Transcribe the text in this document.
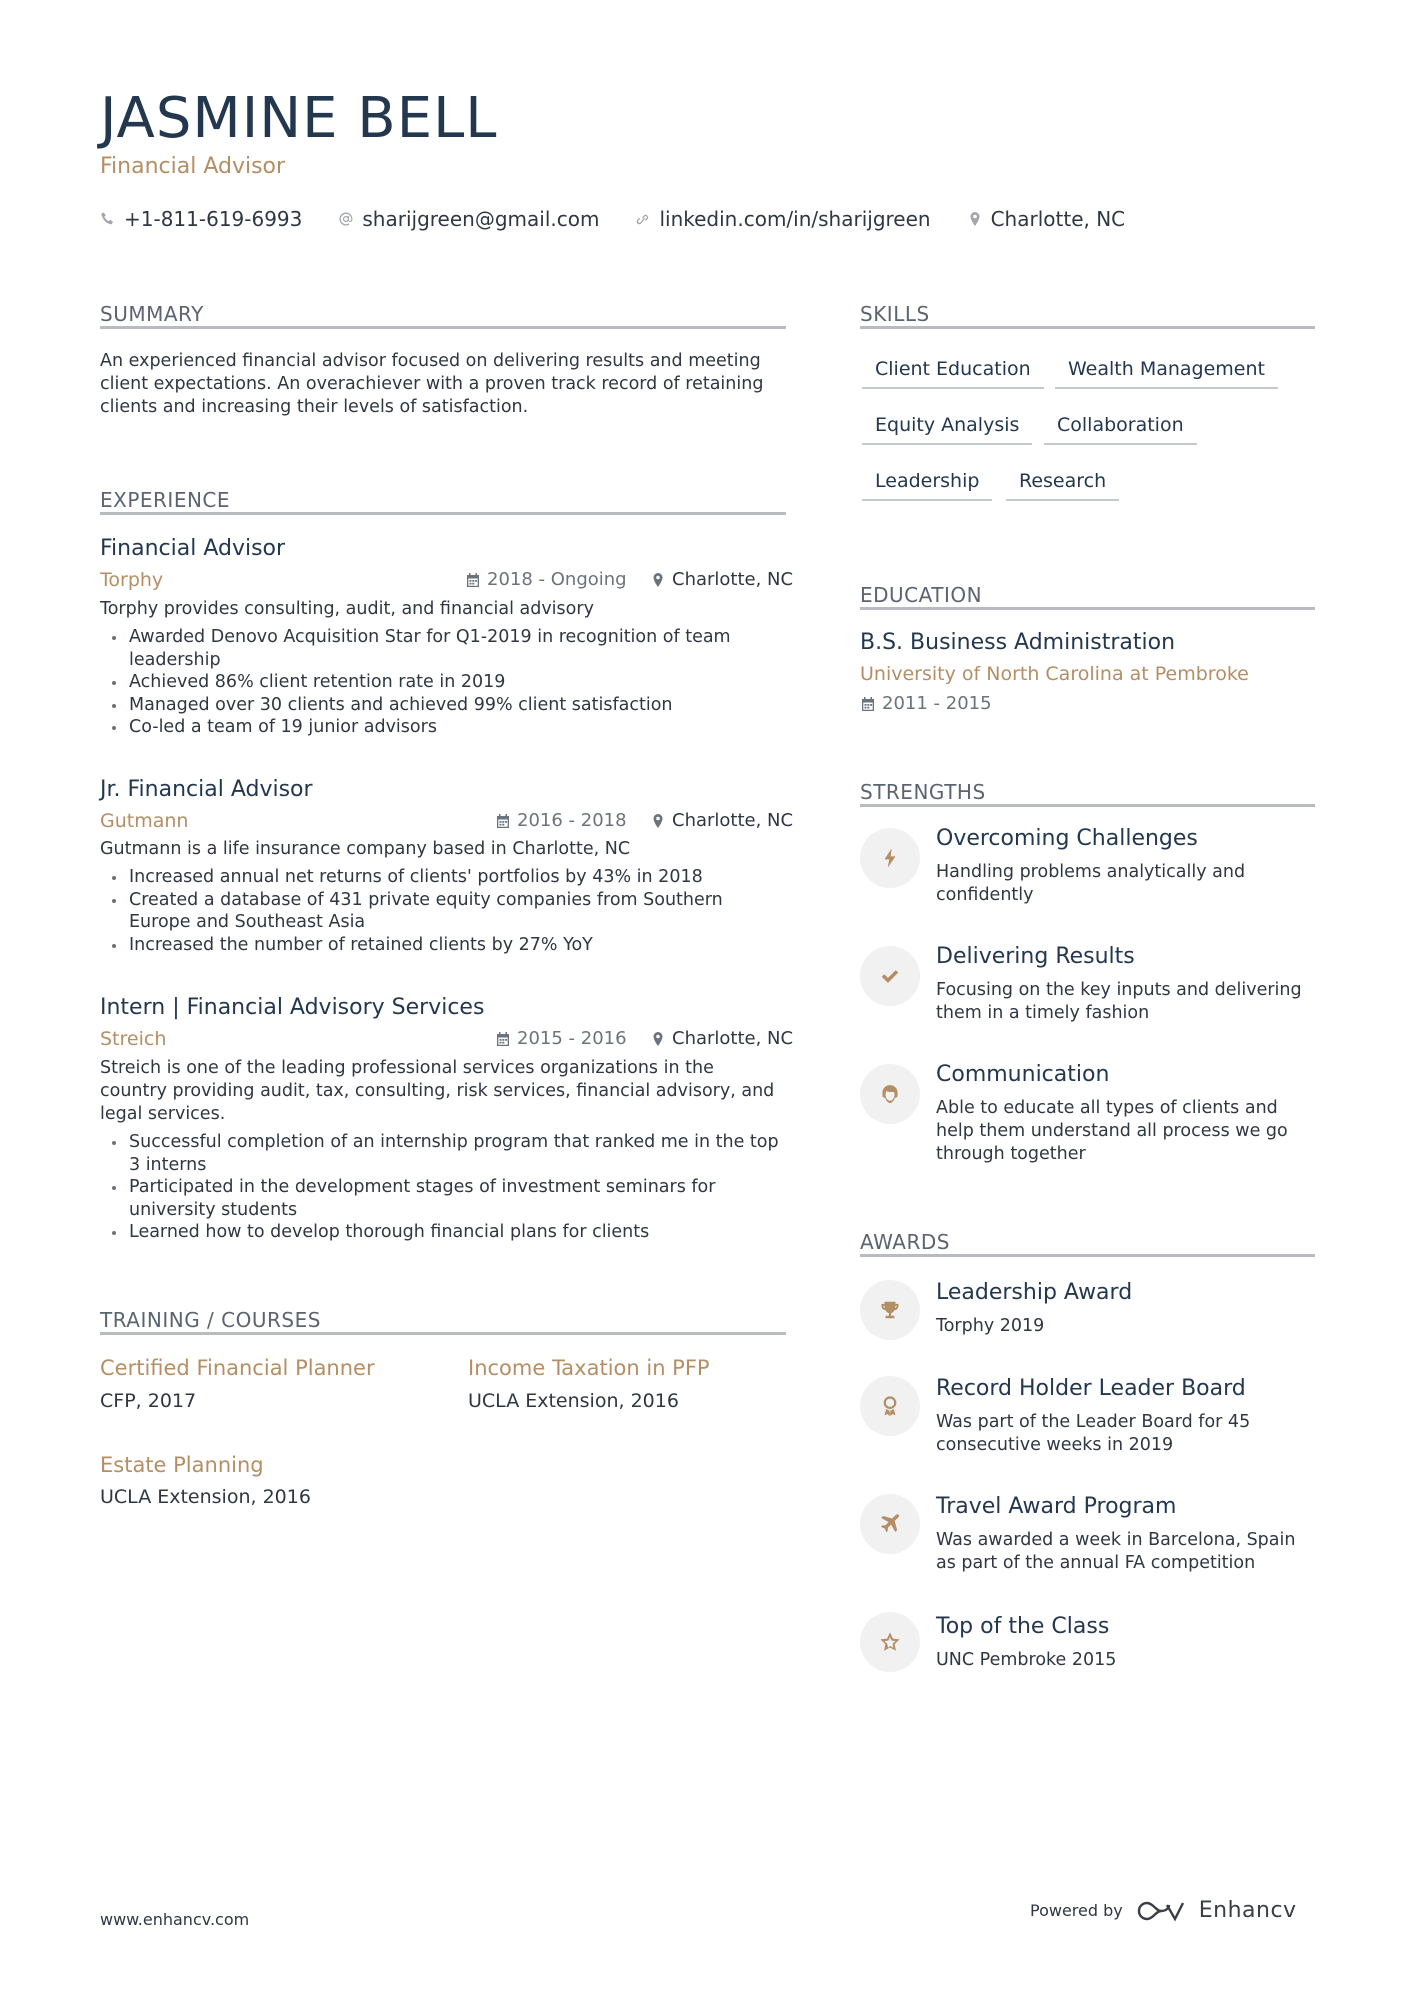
JASMINE BELL
Financial Advisor
+1-811-619-6993	sharijgreen@gmail.com	linkedin.com/in/sharijgreen	Charlotte, NC
SUMMARY
An experienced financial advisor focused on delivering results and meeting client expectations. An overachiever with a proven track record of retaining clients and increasing their levels of satisfaction.
EXPERIENCE
Financial Advisor
Torphy	2018 - Ongoing	Charlotte, NC
Torphy provides consulting, audit, and financial advisory
Awarded Denovo Acquisition Star for Q1-2019 in recognition of team leadership
Achieved 86% client retention rate in 2019
Managed over 30 clients and achieved 99% client satisfaction
Co-led a team of 19 junior advisors
Jr. Financial Advisor
Gutmann	2016 - 2018	Charlotte, NC
Gutmann is a life insurance company based in Charlotte, NC
Increased annual net returns of clients' portfolios by 43% in 2018
Created a database of 431 private equity companies from Southern Europe and Southeast Asia
Increased the number of retained clients by 27% YoY
Intern | Financial Advisory Services
Streich	2015 - 2016	Charlotte, NC
Streich is one of the leading professional services organizations in the country providing audit, tax, consulting, risk services, financial advisory, and legal services.
Successful completion of an internship program that ranked me in the top 3 interns
Participated in the development stages of investment seminars for university students
Learned how to develop thorough financial plans for clients
TRAINING / COURSES
Certified Financial Planner
CFP, 2017
Income Taxation in PFP
UCLA Extension, 2016
Estate Planning
UCLA Extension, 2016
SKILLS
Client Education	Wealth Management
Equity Analysis	Collaboration
Leadership	Research
EDUCATION
B.S. Business Administration
University of North Carolina at Pembroke
2011 - 2015
STRENGTHS
Overcoming Challenges
Handling problems analytically and confidently
Delivering Results
Focusing on the key inputs and delivering them in a timely fashion
Communication
Able to educate all types of clients and help them understand all process we go through together
AWARDS
Leadership Award
Torphy 2019
Record Holder Leader Board
Was part of the Leader Board for 45 consecutive weeks in 2019
Travel Award Program
Was awarded a week in Barcelona, Spain as part of the annual FA competition
Top of the Class
UNC Pembroke 2015
www.enhancv.com	Powered by	Enhancv
